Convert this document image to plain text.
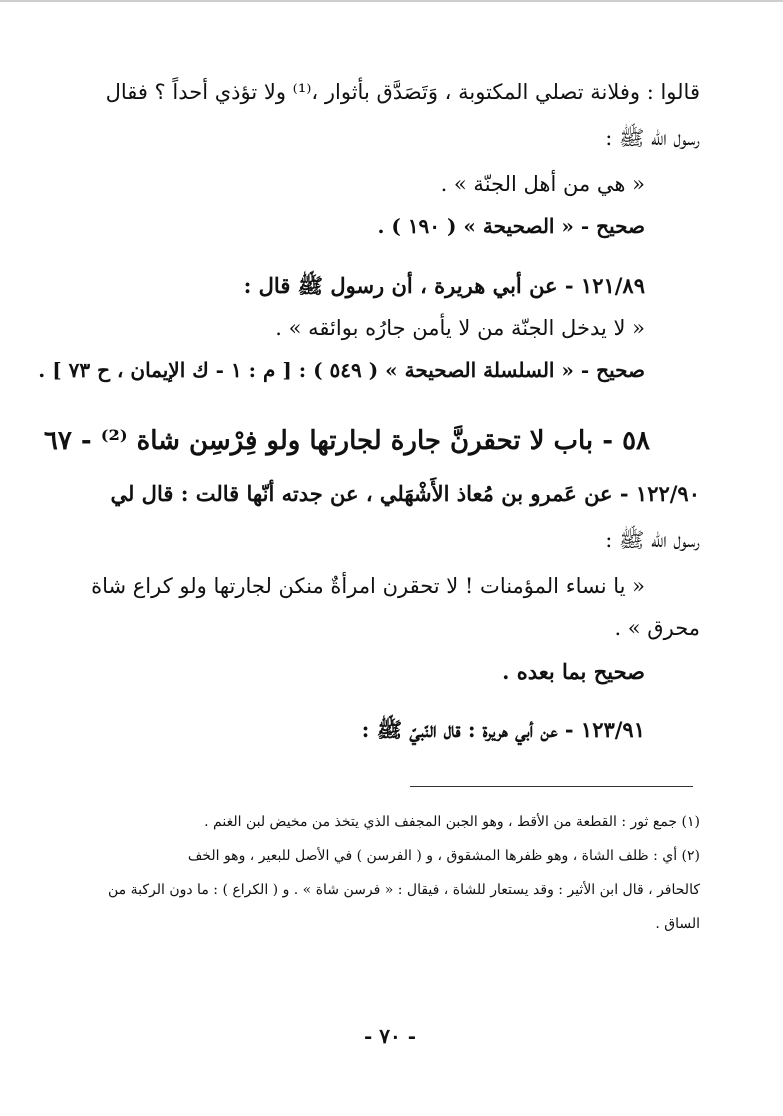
قالوا : وفلانة تصلي المكتوبة ، وَتَصَدَّق بأثوار ،⁽¹⁾ ولا تؤذي أحداً ؟ فقال

رسول الله ﷺ :

« هي من أهل الجنّة » .

صحيح - « الصحيحة » ( ١٩٠ ) .

١٢١/٨٩ - عن أبي هريرة ، أن رسول ﷺ قال :

« لا يدخل الجنّة من لا يأمن جارُه بوائقه » .

صحيح - « السلسلة الصحيحة » ( ٥٤٩ ) : [ م : ١ - ك الإيمان ، ح ٧٣ ] .

٥٨ - باب لا تحقرنَّ جارة لجارتها ولو فِرْسِن شاة ⁽²⁾ - ٦٧

١٢٢/٩٠ - عن عَمرو بن مُعاذ الأَشْهَلي ، عن جدته أنّها قالت : قال لي

رسول الله ﷺ :

« يا نساء المؤمنات ! لا تحقرن امرأةٌ منكن لجارتها ولو كراع شاة

محرق » .

صحيح بما بعده .

١٢٣/٩١ - عن أبي هريرة : قال النّبيّ ﷺ :

(١) جمع ثور : القطعة من الأقط ، وهو الجبن المجفف الذي يتخذ من مخيض لبن الغنم .

(٢) أي : ظلف الشاة ، وهو ظفرها المشقوق ، و ( الفرسن ) في الأصل للبعير ، وهو الخف

كالحافر ، قال ابن الأثير : وقد يستعار للشاة ، فيقال : « فرسن شاة » . و ( الكراع ) : ما دون الركبة من

الساق .

- ٧٠ -
